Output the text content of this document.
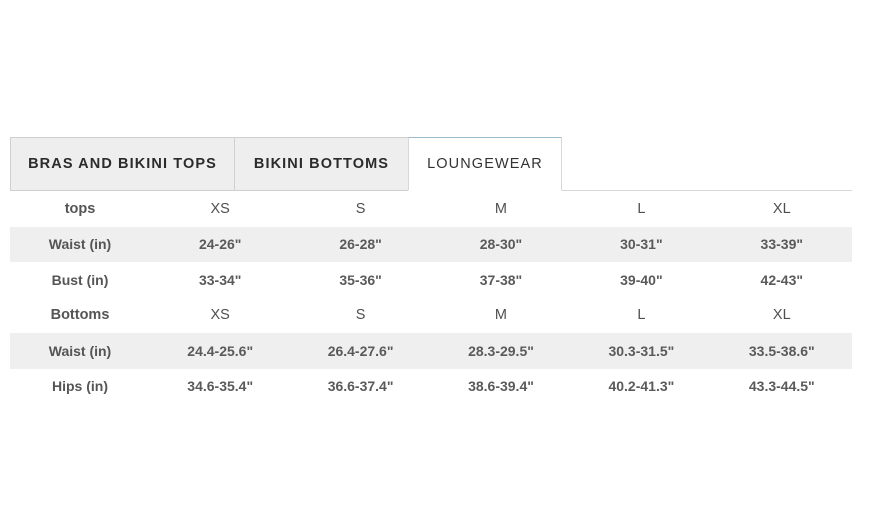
BRAS AND BIKINI TOPS	BIKINI BOTTOMS	LOUNGEWEAR
tops	XS	S	M	L	XL
Waist (in)	24-26"	26-28"	28-30"	30-31"	33-39"
Bust (in)	33-34"	35-36"	37-38"	39-40"	42-43"
Bottoms	XS	S	M	L	XL
Waist (in)	24.4-25.6"	26.4-27.6"	28.3-29.5"	30.3-31.5"	33.5-38.6"
Hips (in)	34.6-35.4"	36.6-37.4"	38.6-39.4"	40.2-41.3"	43.3-44.5"
